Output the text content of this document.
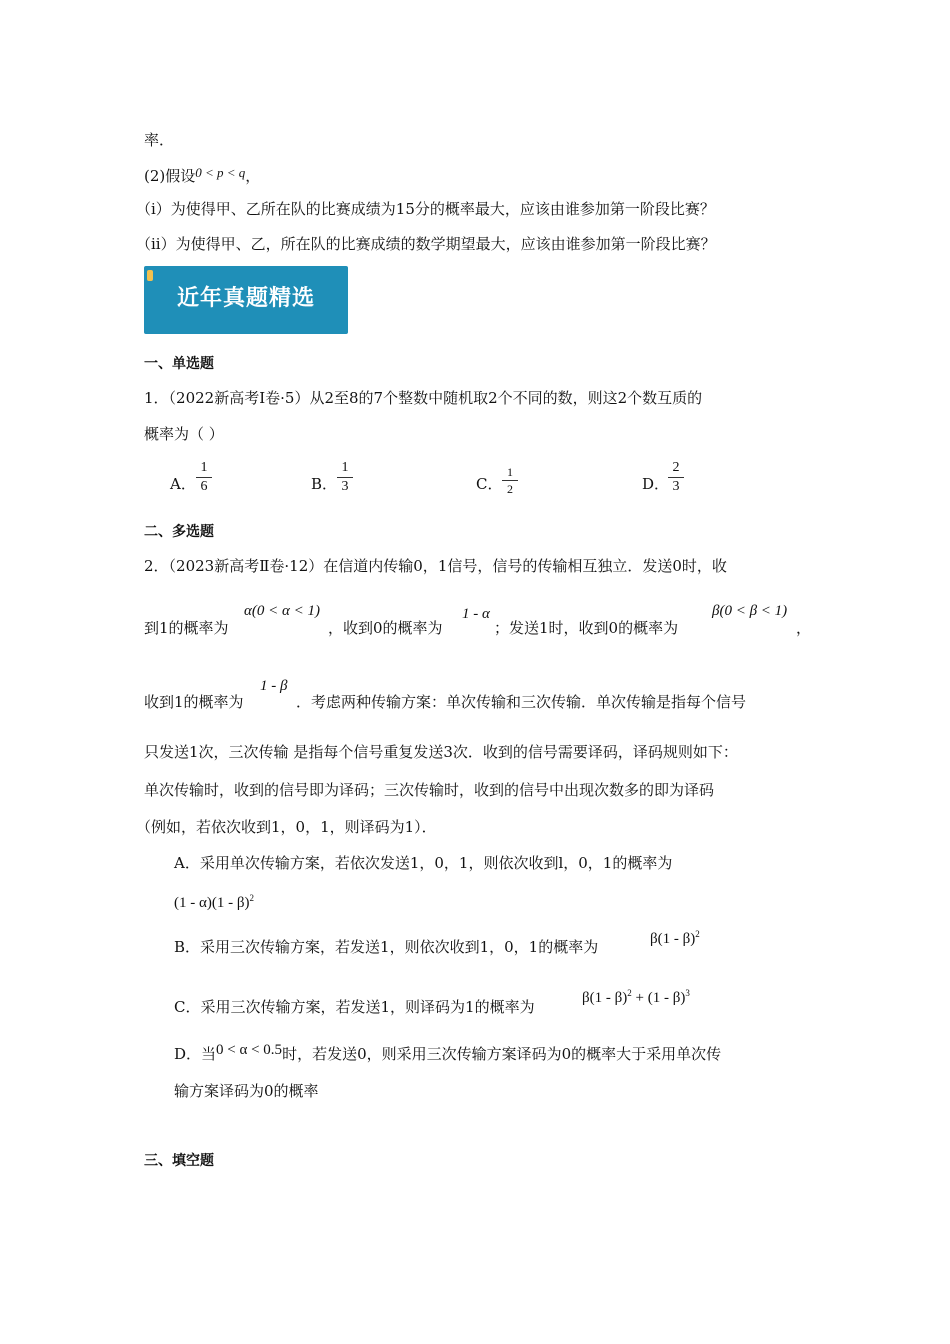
率．
(2)假设0 < p < q，
（i）为使得甲、乙所在队的比赛成绩为15分的概率最大，应该由谁参加第一阶段比赛？
（ii）为使得甲、乙，所在队的比赛成绩的数学期望最大，应该由谁参加第一阶段比赛？
近年真题精选
一、单选题
1．（2022新高考Ⅰ卷·5）从2至8的7个整数中随机取2个不同的数，则这2个数互质的
概率为（ ）
A． $\frac{1}{6}$	B． $\frac{1}{3}$	C． $\frac{1}{2}$	D．
$\frac{2}{3}$
二、多选题
2．（2023新高考Ⅱ卷·12）在信道内传输0，1信号，信号的传输相互独立．发送0时，收
α(0 < α < 1)	1 - α	β(0 < β < 1)
到1的概率为	，收到0的概率为	；发送1时，收到0的概率为	，
1 - β
收到1的概率为	．考虑两种传输方案：单次传输和三次传输．单次传输是指每个信号
只发送1次，三次传输 是指每个信号重复发送3次．收到的信号需要译码，译码规则如下：
单次传输时，收到的信号即为译码；三次传输时，收到的信号中出现次数多的即为译码
（例如，若依次收到1，0，1，则译码为1）．
A．采用单次传输方案，若依次发送1，0，1，则依次收到l，0，1的概率为
(1 - α)(1 - β)$^2$
B．采用三次传输方案，若发送1，则依次收到1，0，1的概率为	β(1 - β)$^2$
C．采用三次传输方案，若发送1，则译码为1的概率为	β(1 - β)$^2$ + (1 - β)$^3$
D．当0 < α < 0.5时，若发送0，则采用三次传输方案译码为0的概率大于采用单次传
输方案译码为0的概率
三、填空题
